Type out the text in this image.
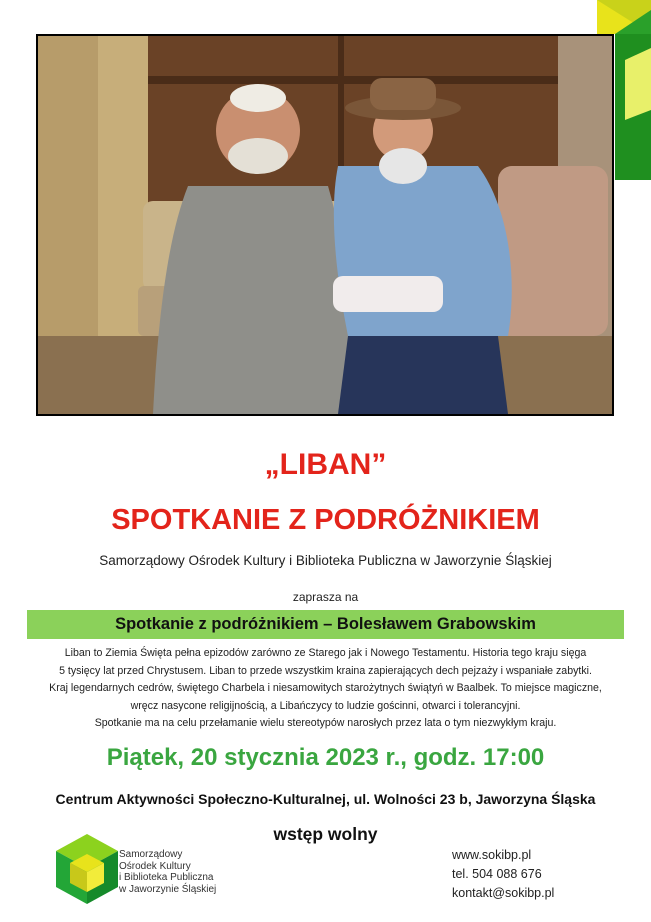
„LIBAN”
SPOTKANIE Z PODRÓŻNIKIEM
Samorządowy Ośrodek Kultury i Biblioteka Publiczna w Jaworzynie Śląskiej
zaprasza na
Spotkanie z podróżnikiem – Bolesławem Grabowskim
Liban to Ziemia Święta pełna epizodów zarówno ze Starego jak i Nowego Testamentu. Historia tego kraju sięga
5 tysięcy lat przed Chrystusem. Liban to przede wszystkim kraina zapierających dech pejzaży i wspaniałe zabytki.
Kraj legendarnych cedrów, świętego Charbela i niesamowitych starożytnych świątyń w Baalbek. To miejsce magiczne,
wręcz nasycone religijnością, a Libańczycy to ludzie gościnni, otwarci i tolerancyjni.
Spotkanie ma na celu przełamanie wielu stereotypów narosłych przez lata o tym niezwykłym kraju.
Piątek, 20 stycznia 2023 r., godz. 17:00
Centrum Aktywności Społeczno-Kulturalnej, ul. Wolności 23 b, Jaworzyna Śląska
wstęp wolny
Samorządowy
Ośrodek Kultury
i Biblioteka Publiczna
w Jaworzynie Śląskiej
www.sokibp.pl
tel. 504 088 676
kontakt@sokibp.pl
